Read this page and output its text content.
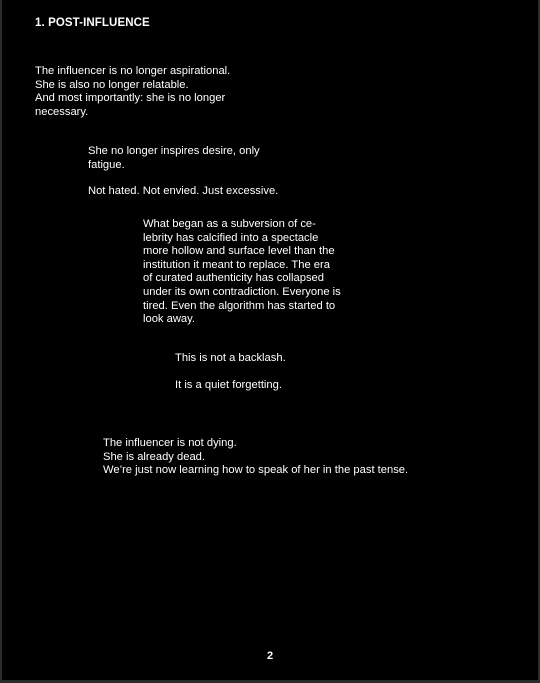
1. POST-INFLUENCE

The influencer is no longer aspirational.
She is also no longer relatable.
And most importantly: she is no longer
necessary.

She no longer inspires desire, only
fatigue.

Not hated. Not envied. Just excessive.

What began as a subversion of ce-
lebrity has calcified into a spectacle
more hollow and surface level than the
institution it meant to replace. The era
of curated authenticity has collapsed
under its own contradiction. Everyone is
tired. Even the algorithm has started to
look away.

This is not a backlash.

It is a quiet forgetting.

The influencer is not dying.
She is already dead.
We’re just now learning how to speak of her in the past tense.

2
